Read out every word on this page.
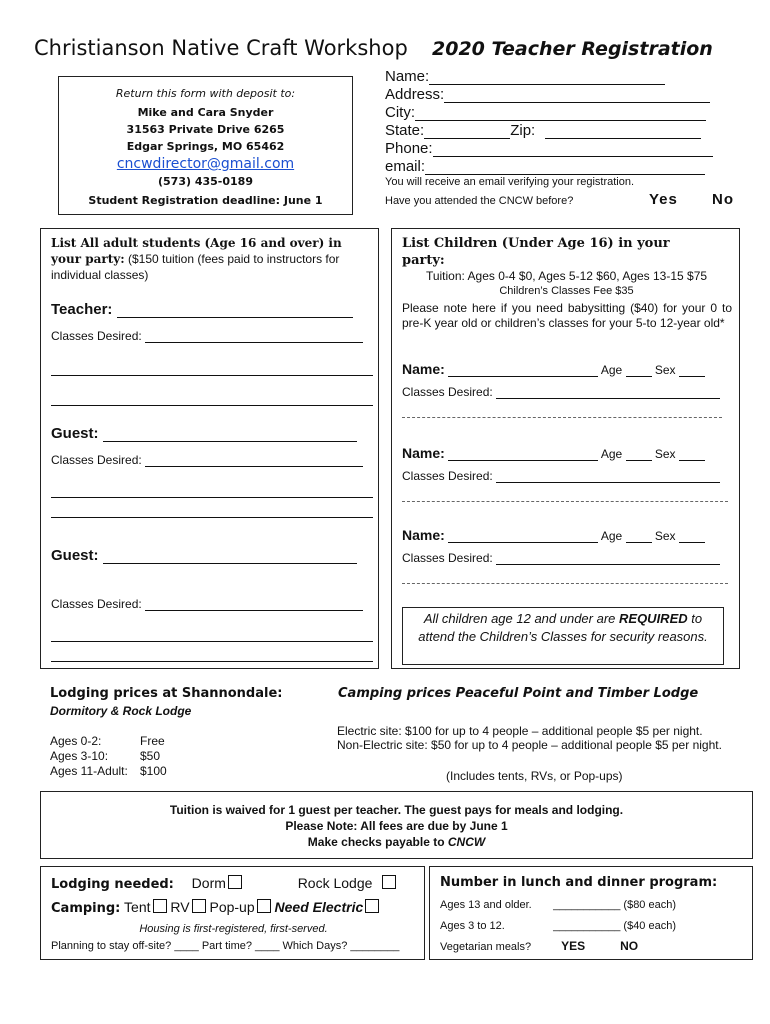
Christianson Native Craft Workshop 2020 Teacher Registration
Return this form with deposit to:
Mike and Cara Snyder
31563 Private Drive 6265
Edgar Springs, MO 65462
cncwdirector@gmail.com
(573) 435-0189
Student Registration deadline: June 1
Name:
Address:
City:
State:	Zip:
Phone:
email:
You will receive an email verifying your registration.
Have you attended the CNCW before?	Yes No
List All adult students (Age 16 and over) in your party: ($150 tuition (fees paid to instructors for individual classes)
Teacher:
Classes Desired:
Guest:
Classes Desired:
Guest:
Classes Desired:
List Children (Under Age 16) in your party:
Tuition: Ages 0-4 $0, Ages 5-12 $60, Ages 13-15 $75
Children’s Classes Fee $35
Please note here if you need babysitting ($40) for your 0 to pre-K year old or children’s classes for your 5-to 12-year old*
Name:	Age	Sex
Classes Desired:
Name:	Age	Sex
Classes Desired:
Name:	Age	Sex
Classes Desired:
All children age 12 and under are REQUIRED to attend the Children’s Classes for security reasons.
Lodging prices at Shannondale:
Dormitory & Rock Lodge
Ages 0-2:	Free
Ages 3-10:	$50
Ages 11-Adult: $100
Camping prices Peaceful Point and Timber Lodge
Electric site: $100 for up to 4 people – additional people $5 per night.
Non-Electric site: $50 for up to 4 people – additional people $5 per night.
(Includes tents, RVs, or Pop-ups)
Tuition is waived for 1 guest per teacher. The guest pays for meals and lodging.
Please Note: All fees are due by June 1
Make checks payable to CNCW
Lodging needed: Dorm	Rock Lodge
Camping: Tent RV Pop-up Need Electric
Housing is first-registered, first-served.
Planning to stay off-site? ____ Part time? ____ Which Days? ________
Number in lunch and dinner program:
Ages 13 and older. ___________ ($80 each)
Ages 3 to 12.	___________ ($40 each)
Vegetarian meals? YES	NO
